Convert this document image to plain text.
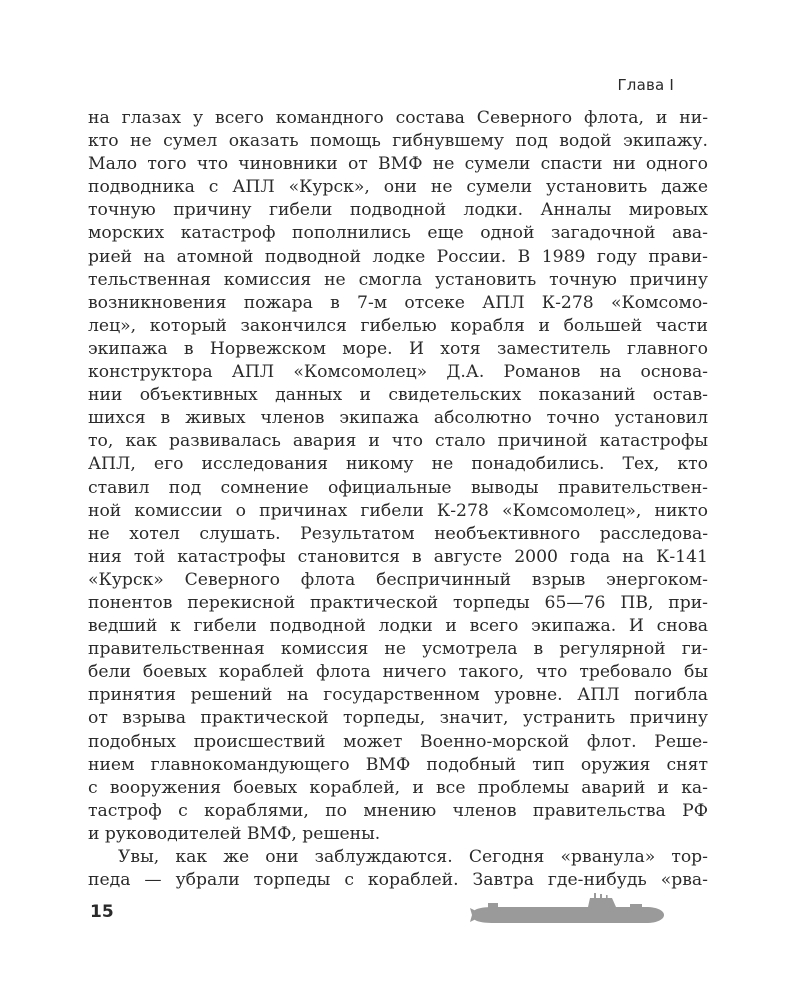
Глава I
на глазах у всего командного состава Северного флота, и ни-
кто не сумел оказать помощь гибнувшему под водой экипажу.
Мало того что чиновники от ВМФ не сумели спасти ни одного
подводника с АПЛ «Курск», они не сумели установить даже
точную причину гибели подводной лодки. Анналы мировых
морских катастроф пополнились еще одной загадочной ава-
рией на атомной подводной лодке России. В 1989 году прави-
тельственная комиссия не смогла установить точную причину
возникновения пожара в 7-м отсеке АПЛ К-278 «Комсомо-
лец», который закончился гибелью корабля и большей части
экипажа в Норвежском море. И хотя заместитель главного
конструктора АПЛ «Комсомолец» Д.А. Романов на основа-
нии объективных данных и свидетельских показаний остав-
шихся в живых членов экипажа абсолютно точно установил
то, как развивалась авария и что стало причиной катастрофы
АПЛ, его исследования никому не понадобились. Тех, кто
ставил под сомнение официальные выводы правительствен-
ной комиссии о причинах гибели К-278 «Комсомолец», никто
не хотел слушать. Результатом необъективного расследова-
ния той катастрофы становится в августе 2000 года на К-141
«Курск» Северного флота беспричинный взрыв энергоком-
понентов перекисной практической торпеды 65—76 ПВ, при-
ведший к гибели подводной лодки и всего экипажа. И снова
правительственная комиссия не усмотрела в регулярной ги-
бели боевых кораблей флота ничего такого, что требовало бы
принятия решений на государственном уровне. АПЛ погибла
от взрыва практической торпеды, значит, устранить причину
подобных происшествий может Военно-морской флот. Реше-
нием главнокомандующего ВМФ подобный тип оружия снят
с вооружения боевых кораблей, и все проблемы аварий и ка-
тастроф с кораблями, по мнению членов правительства РФ
и руководителей ВМФ, решены.
Увы, как же они заблуждаются. Сегодня «рванула» тор-
педа — убрали торпеды с кораблей. Завтра где-нибудь «рва-
15
